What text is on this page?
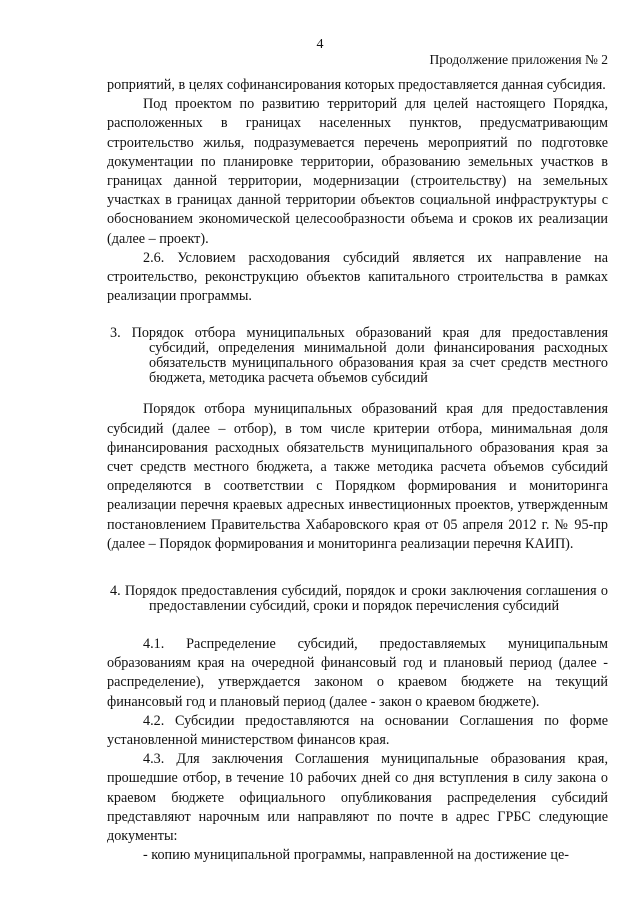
4
Продолжение приложения № 2

роприятий, в целях софинансирования которых предоставляется данная субсидия.

Под проектом по развитию территорий для целей настоящего Порядка, расположенных в границах населенных пунктов, предусматривающим строительство жилья, подразумевается перечень мероприятий по подготовке документации по планировке территории, образованию земельных участков в границах данной территории, модернизации (строительству) на земельных участках в границах данной территории объектов социальной инфраструктуры с обоснованием экономической целесообразности объема и сроков их реализации (далее – проект).

2.6. Условием расходования субсидий является их направление на строительство, реконструкцию объектов капитального строительства в рамках реализации программы.

3. Порядок отбора муниципальных образований края для предоставления субсидий, определения минимальной доли финансирования расходных обязательств муниципального образования края за счет средств местного бюджета, методика расчета объемов субсидий

Порядок отбора муниципальных образований края для предоставления субсидий (далее – отбор), в том числе критерии отбора, минимальная доля финансирования расходных обязательств муниципального образования края за счет средств местного бюджета, а также методика расчета объемов субсидий определяются в соответствии с Порядком формирования и мониторинга реализации перечня краевых адресных инвестиционных проектов, утвержденным постановлением Правительства Хабаровского края от 05 апреля 2012 г. № 95-пр (далее – Порядок формирования и мониторинга реализации перечня КАИП).

4. Порядок предоставления субсидий, порядок и сроки заключения соглашения о предоставлении субсидий, сроки и порядок перечисления субсидий

4.1. Распределение субсидий, предоставляемых муниципальным образованиям края на очередной финансовый год и плановый период (далее - распределение), утверждается законом о краевом бюджете на текущий финансовый год и плановый период (далее - закон о краевом бюджете).

4.2. Субсидии предоставляются на основании Соглашения по форме установленной министерством финансов края.

4.3. Для заключения Соглашения муниципальные образования края, прошедшие отбор, в течение 10 рабочих дней со дня вступления в силу закона о краевом бюджете официального опубликования распределения субсидий представляют нарочным или направляют по почте в адрес ГРБС следующие документы:

- копию муниципальной программы, направленной на достижение це-
